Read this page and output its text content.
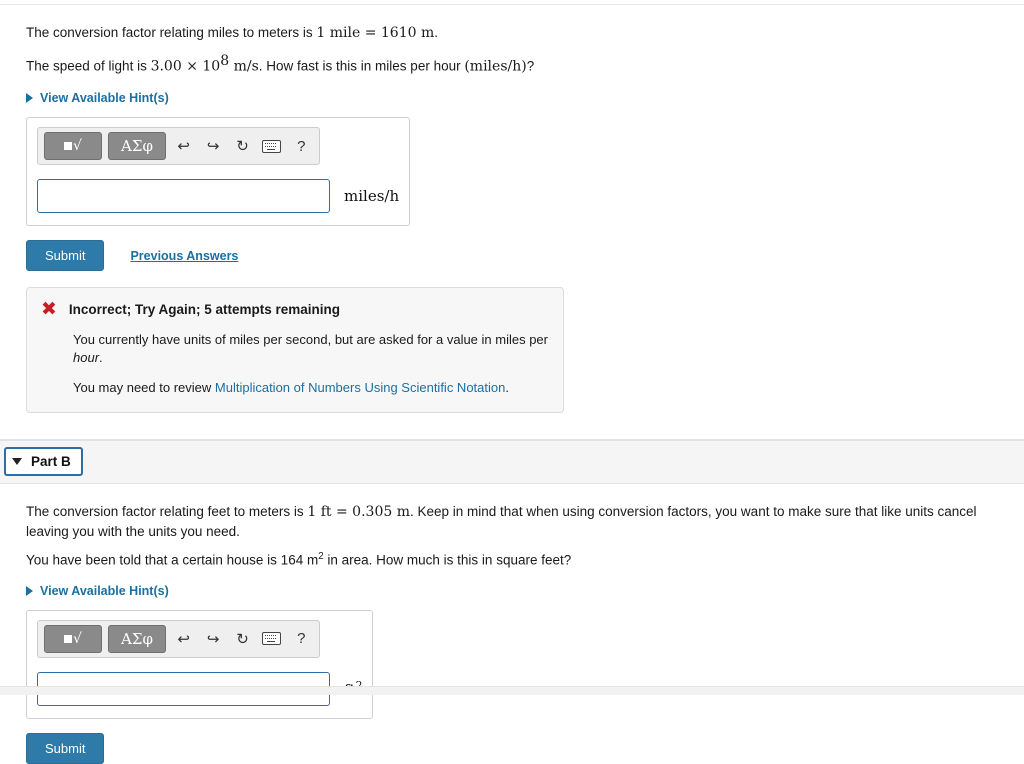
The conversion factor relating miles to meters is 1 mile = 1610 m.

The speed of light is $3.00 \times 10^8$ m/s. How fast is this in miles per hour (miles/h)?

View Available Hint(s)
√	ΑΣφ ↩ ↪ ↻	?
miles/h
Submit	Previous Answers
✖ Incorrect; Try Again; 5 attempts remaining
You currently have units of miles per second, but are asked for a value in miles per hour.
You may need to review Multiplication of Numbers Using Scientific Notation.
Part B

The conversion factor relating feet to meters is 1 ft = 0.305 m. Keep in mind that when using conversion factors, you want to make sure that like units cancel leaving you with the units you need.

You have been told that a certain house is 164 $m^2$ in area. How much is this in square feet?

View Available Hint(s)
√	ΑΣφ ↩ ↪ ↻	?
Submit
